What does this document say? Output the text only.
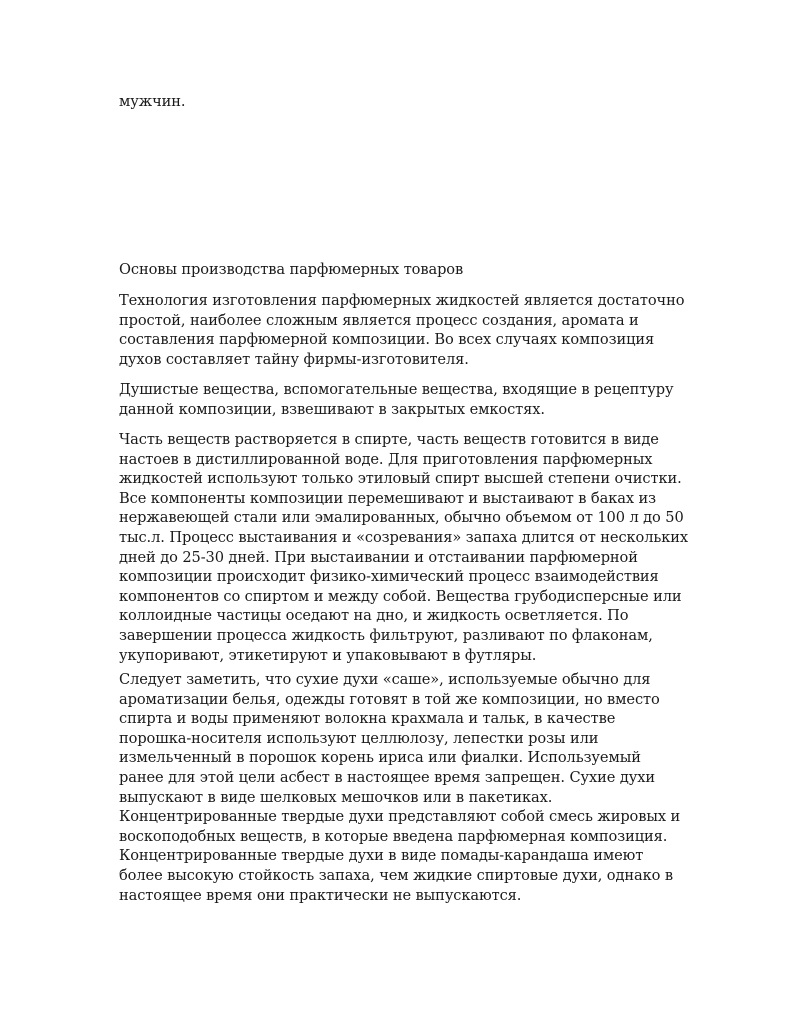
мужчин.

Основы производства парфюмерных товаров

Технология изготовления парфюмерных жидкостей является достаточно простой, наиболее сложным является процесс создания, аромата и составления парфюмерной композиции. Во всех случаях композиция духов составляет тайну фирмы-изготовителя.

Душистые вещества, вспомогательные вещества, входящие в рецептуру данной композиции, взвешивают в закрытых емкостях.

Часть веществ растворяется в спирте, часть веществ готовится в виде настоев в дистиллированной воде. Для приготовления парфюмерных жидкостей используют только этиловый спирт высшей степени очистки. Все компоненты композиции перемешивают и выстаивают в баках из нержавеющей стали или эмалированных, обычно объемом от 100 л до 50 тыс.л. Процесс выстаивания и «созревания» запаха длится от нескольких дней до 25-30 дней. При выстаивании и отстаивании парфюмерной композиции происходит физико-химический процесс взаимодействия компонентов со спиртом и между собой. Вещества грубодисперсные или коллоидные частицы оседают на дно, и жидкость осветляется. По завершении процесса жидкость фильтруют, разливают по флаконам, укупоривают, этикетируют и упаковывают в футляры.

Следует заметить, что сухие духи «саше», используемые обычно для ароматизации белья, одежды готовят в той же композиции, но вместо спирта и воды применяют волокна крахмала и тальк, в качестве порошка-носителя используют целлюлозу, лепестки розы или измельченный в порошок корень ириса или фиалки. Используемый ранее для этой цели асбест в настоящее время запрещен. Сухие духи выпускают в виде шелковых мешочков или в пакетиках. Концентрированные твердые духи представляют собой смесь жировых и воскоподобных веществ, в которые введена парфюмерная композиция. Концентрированные твердые духи в виде помады-карандаша имеют более высокую стойкость запаха, чем жидкие спиртовые духи, однако в настоящее время они практически не выпускаются.
